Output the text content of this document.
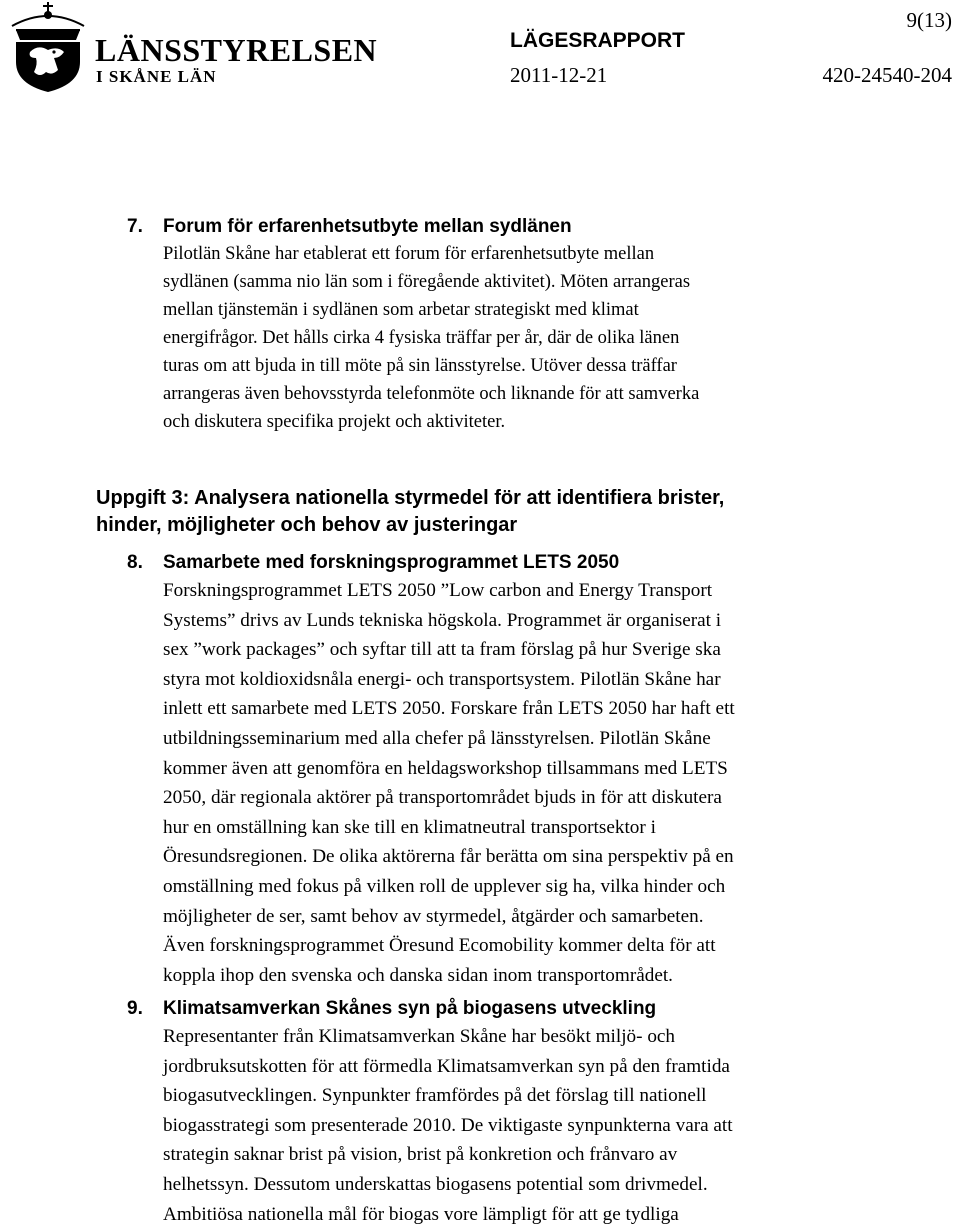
LÄNSSTYRELSEN
I SKÅNE LÄN
LÄGESRAPPORT
9(13)
2011-12-21	420-24540-204
7.	Forum för erfarenhetsutbyte mellan sydlänen
Pilotlän Skåne har etablerat ett forum för erfarenhetsutbyte mellan
sydlänen (samma nio län som i föregående aktivitet). Möten arrangeras
mellan tjänstemän i sydlänen som arbetar strategiskt med klimat
energifrågor. Det hålls cirka 4 fysiska träffar per år, där de olika länen
turas om att bjuda in till möte på sin länsstyrelse. Utöver dessa träffar
arrangeras även behovsstyrda telefonmöte och liknande för att samverka
och diskutera specifika projekt och aktiviteter.
Uppgift 3: Analysera nationella styrmedel för att identifiera brister,
hinder, möjligheter och behov av justeringar
8.	Samarbete med forskningsprogrammet LETS 2050
Forskningsprogrammet LETS 2050 ”Low carbon and Energy Transport
Systems” drivs av Lunds tekniska högskola. Programmet är organiserat i
sex ”work packages” och syftar till att ta fram förslag på hur Sverige ska
styra mot koldioxidsnåla energi- och transportsystem. Pilotlän Skåne har
inlett ett samarbete med LETS 2050. Forskare från LETS 2050 har haft ett
utbildningsseminarium med alla chefer på länsstyrelsen. Pilotlän Skåne
kommer även att genomföra en heldagsworkshop tillsammans med LETS
2050, där regionala aktörer på transportområdet bjuds in för att diskutera
hur en omställning kan ske till en klimatneutral transportsektor i
Öresundsregionen. De olika aktörerna får berätta om sina perspektiv på en
omställning med fokus på vilken roll de upplever sig ha, vilka hinder och
möjligheter de ser, samt behov av styrmedel, åtgärder och samarbeten.
Även forskningsprogrammet Öresund Ecomobility kommer delta för att
koppla ihop den svenska och danska sidan inom transportområdet.
9.	Klimatsamverkan Skånes syn på biogasens utveckling
Representanter från Klimatsamverkan Skåne har besökt miljö- och
jordbruksutskotten för att förmedla Klimatsamverkan syn på den framtida
biogasutvecklingen. Synpunkter framfördes på det förslag till nationell
biogasstrategi som presenterade 2010. De viktigaste synpunkterna vara att
strategin saknar brist på vision, brist på konkretion och frånvaro av
helhetssyn. Dessutom underskattas biogasens potential som drivmedel.
Ambitiösa nationella mål för biogas vore lämpligt för att ge tydliga
